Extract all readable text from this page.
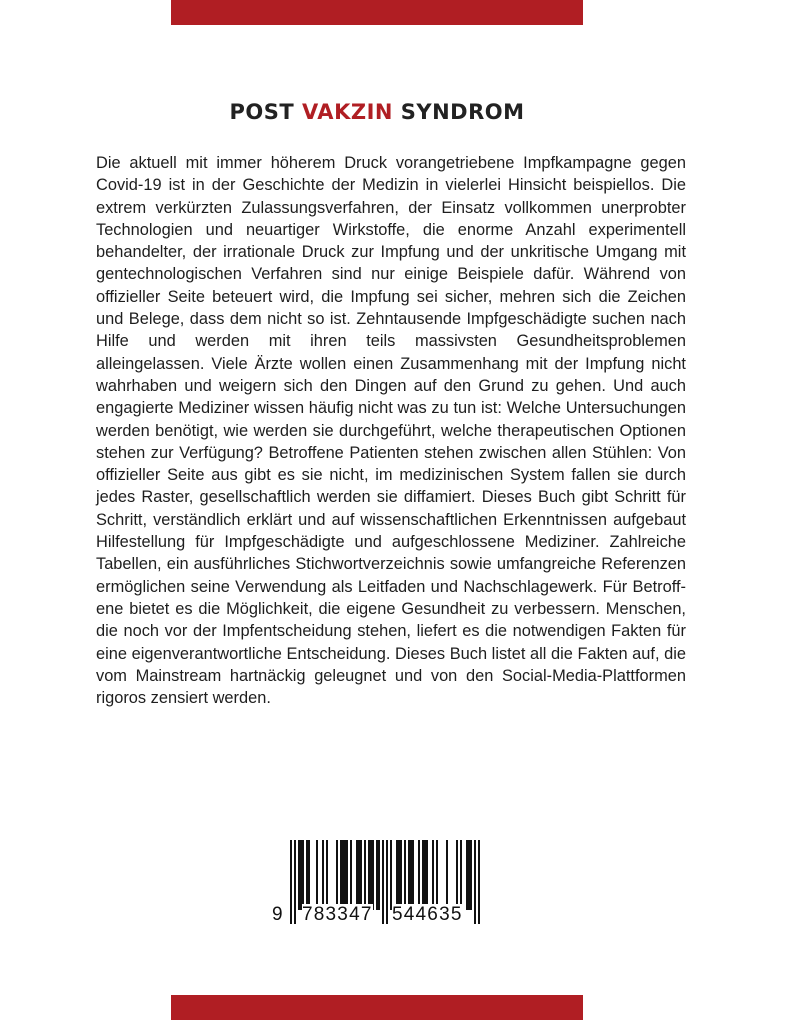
POST VAKZIN SYNDROM

Die aktuell mit immer höherem Druck vorangetriebene Impfkampagne gegen Covid-19 ist in der Geschichte der Medizin in vielerlei Hinsicht beispiellos. Die extrem verkürzten Zulassungsverfahren, der Einsatz vollkommen unerprobter Technologien und neuartiger Wirkstoffe, die enorme Anzahl experimentell behandelter, der irrationale Druck zur Impfung und der unkritische Umgang mit gentechnologischen Verfahren sind nur einige Beispiele dafür. Während von offizieller Seite beteuert wird, die Impfung sei sicher, mehren sich die Zeichen und Belege, dass dem nicht so ist. Zehntausende Impfgeschädigte suchen nach Hilfe und werden mit ihren teils massivsten Gesundheitsproblemen alleingelassen. Viele Ärzte wollen einen Zusammenhang mit der Impfung nicht wahrhaben und weigern sich den Dingen auf den Grund zu gehen. Und auch engagierte Mediziner wissen häufig nicht was zu tun ist: Welche Untersuchungen werden benötigt, wie werden sie durchgeführt, welche therapeutischen Optionen stehen zur Verfügung? Betroffene Patienten stehen zwischen allen Stühlen: Von offizieller Seite aus gibt es sie nicht, im medizinischen System fallen sie durch jedes Raster, gesellschaftlich werden sie diffamiert. Dieses Buch gibt Schritt für Schritt, verständlich erklärt und auf wissenschaftlichen Erkenntnissen aufgebaut Hilfestellung für Impfgeschädigte und aufgeschlossene Mediziner. Zahlreiche Tabellen, ein ausführliches Stichwortverzeichnis sowie umfangreiche Referenzen ermöglichen seine Verwendung als Leitfaden und Nachschlagewerk. Für Betroffene bietet es die Möglichkeit, die eigene Gesundheit zu verbessern. Menschen, die noch vor der Impfentscheidung stehen, liefert es die notwendigen Fakten für eine eigenverantwortliche Entscheidung. Dieses Buch listet all die Fakten auf, die vom Mainstream hartnäckig geleugnet und von den Social-Media-Plattformen rigoros zensiert werden.

9 783347 544635
